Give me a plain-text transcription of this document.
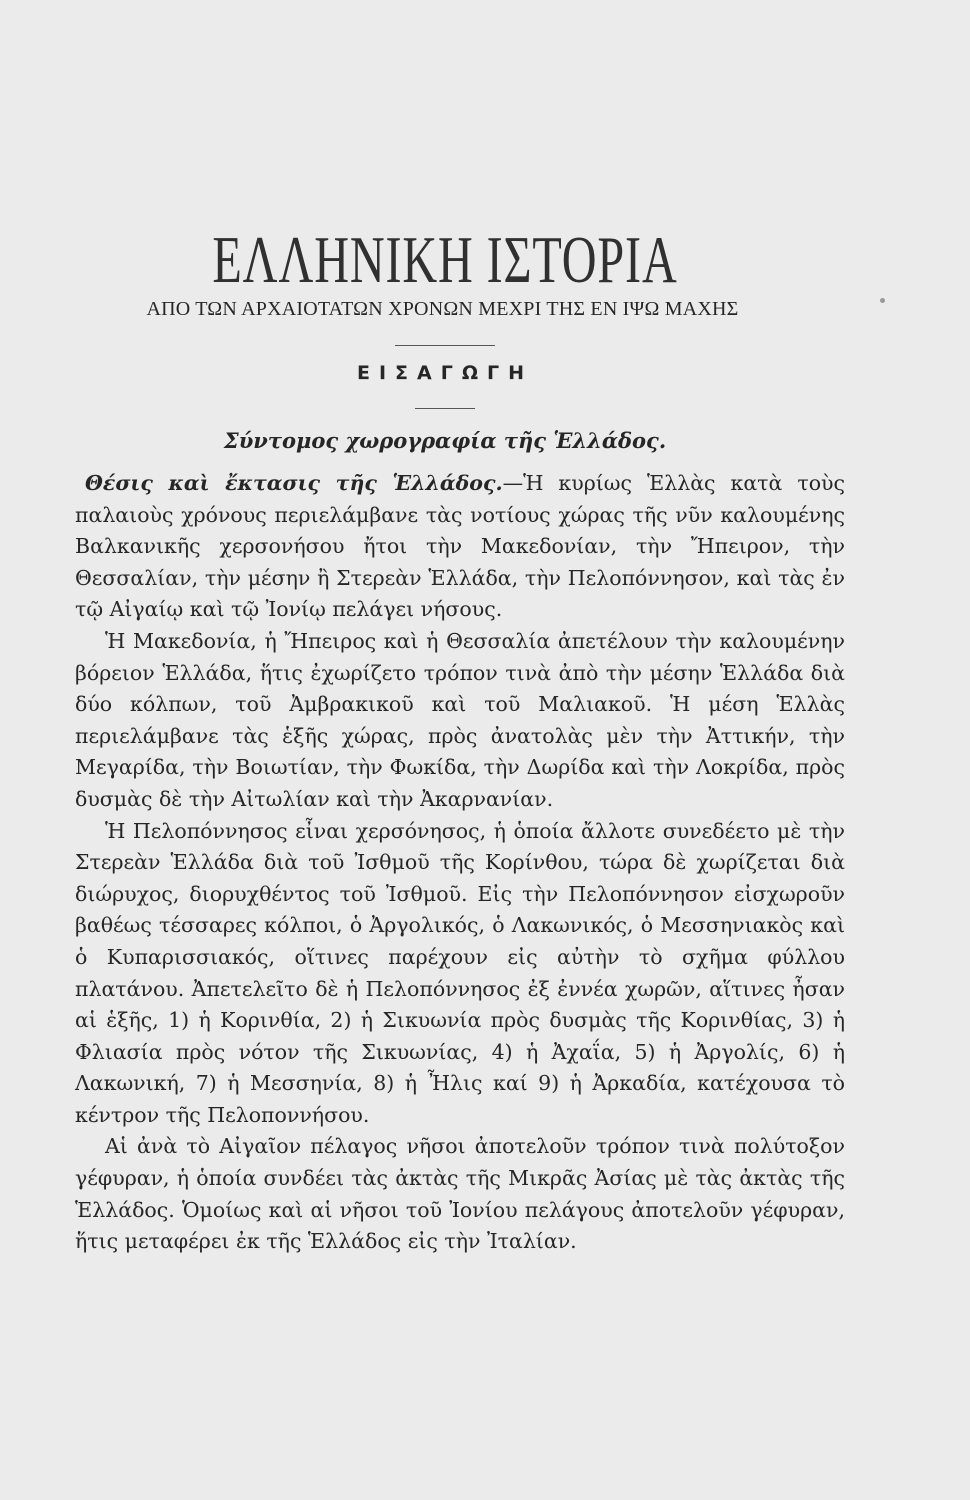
ΕΛΛΗΝΙΚΗ ΙΣΤΟΡΙΑ
ΑΠΟ ΤΩΝ ΑΡΧΑΙΟΤΑΤΩΝ ΧΡΟΝΩΝ ΜΕΧΡΙ ΤΗΣ ΕΝ ΙΨΩ ΜΑΧΗΣ
ΕΙΣΑΓΩΓΗ
Σύντομος χωρογραφία τῆς Ἑλλάδος.

Θέσις καὶ ἔκτασις τῆς Ἑλλάδος.—Ἡ κυρίως Ἑλλὰς κατὰ τοὺς παλαιοὺς χρόνους περιελάμβανε τὰς νοτίους χώρας τῆς νῦν καλουμένης Βαλκανικῆς χερσονήσου ἤτοι τὴν Μακεδονίαν, τὴν Ἤπειρον, τὴν Θεσσαλίαν, τὴν μέσην ἢ Στερεὰν Ἑλλάδα, τὴν Πελοπόννησον, καὶ τὰς ἐν τῷ Αἰγαίῳ καὶ τῷ Ἰονίῳ πελάγει νήσους.

Ἡ Μακεδονία, ἡ Ἤπειρος καὶ ἡ Θεσσαλία ἀπετέλουν τὴν καλουμένην βόρειον Ἑλλάδα, ἥτις ἐχωρίζετο τρόπον τινὰ ἀπὸ τὴν μέσην Ἑλλάδα διὰ δύο κόλπων, τοῦ Ἀμβρακικοῦ καὶ τοῦ Μαλιακοῦ. Ἡ μέση Ἑλλὰς περιελάμβανε τὰς ἑξῆς χώρας, πρὸς ἀνατολὰς μὲν τὴν Ἀττικήν, τὴν Μεγαρίδα, τὴν Βοιωτίαν, τὴν Φωκίδα, τὴν Δωρίδα καὶ τὴν Λοκρίδα, πρὸς δυσμὰς δὲ τὴν Αἰτωλίαν καὶ τὴν Ἀκαρνανίαν.

Ἡ Πελοπόννησος εἶναι χερσόνησος, ἡ ὁποία ἄλλοτε συνεδέετο μὲ τὴν Στερεὰν Ἑλλάδα διὰ τοῦ Ἰσθμοῦ τῆς Κορίνθου, τώρα δὲ χωρίζεται διὰ διώρυχος, διορυχθέντος τοῦ Ἰσθμοῦ. Εἰς τὴν Πελοπόννησον εἰσχωροῦν βαθέως τέσσαρες κόλποι, ὁ Ἀργολικός, ὁ Λακωνικός, ὁ Μεσσηνιακὸς καὶ ὁ Κυπαρισσιακός, οἵτινες παρέχουν εἰς αὐτὴν τὸ σχῆμα φύλλου πλατάνου. Ἀπετελεῖτο δὲ ἡ Πελοπόννησος ἐξ ἐννέα χωρῶν, αἵτινες ἦσαν αἱ ἑξῆς, 1) ἡ Κορινθία, 2) ἡ Σικυωνία πρὸς δυσμὰς τῆς Κορινθίας, 3) ἡ Φλιασία πρὸς νότον τῆς Σικυωνίας, 4) ἡ Ἀχαΐα, 5) ἡ Ἀργολίς, 6) ἡ Λακωνική, 7) ἡ Μεσσηνία, 8) ἡ Ἦλις καί 9) ἡ Ἀρκαδία, κατέχουσα τὸ κέντρον τῆς Πελοποννήσου.

Αἱ ἀνὰ τὸ Αἰγαῖον πέλαγος νῆσοι ἀποτελοῦν τρόπον τινὰ πολύτοξον γέφυραν, ἡ ὁποία συνδέει τὰς ἀκτὰς τῆς Μικρᾶς Ἀσίας μὲ τὰς ἀκτὰς τῆς Ἑλλάδος. Ὁμοίως καὶ αἱ νῆσοι τοῦ Ἰονίου πελάγους ἀποτελοῦν γέφυραν, ἥτις μεταφέρει ἐκ τῆς Ἑλλάδος εἰς τὴν Ἰταλίαν.
